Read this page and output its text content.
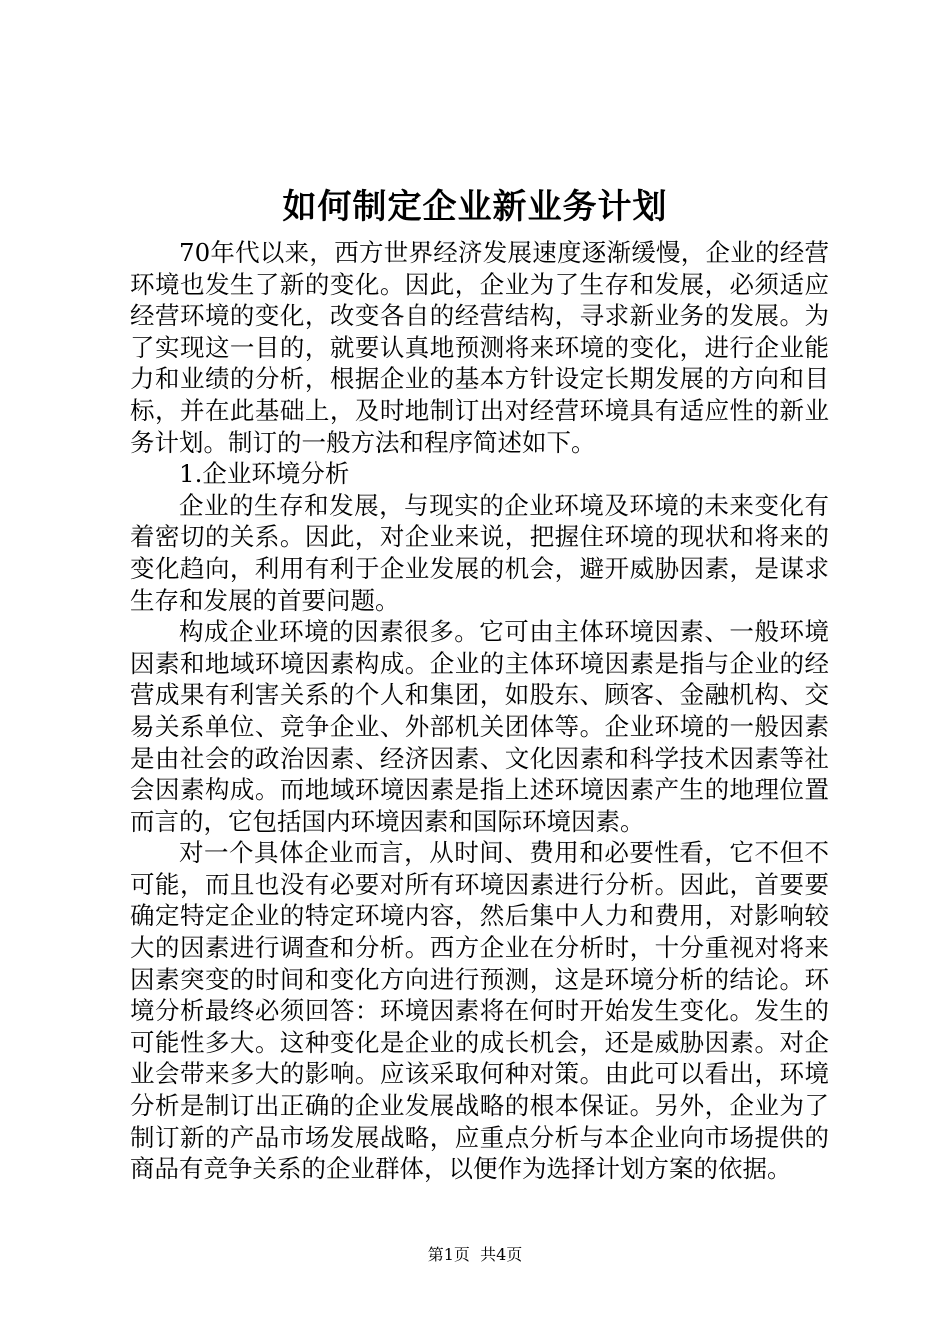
如何制定企业新业务计划

70年代以来，西方世界经济发展速度逐渐缓慢，企业的经营环境也发生了新的变化。因此，企业为了生存和发展，必须适应经营环境的变化，改变各自的经营结构，寻求新业务的发展。为了实现这一目的，就要认真地预测将来环境的变化，进行企业能力和业绩的分析，根据企业的基本方针设定长期发展的方向和目标，并在此基础上，及时地制订出对经营环境具有适应性的新业务计划。制订的一般方法和程序简述如下。

1.企业环境分析

企业的生存和发展，与现实的企业环境及环境的未来变化有着密切的关系。因此，对企业来说，把握住环境的现状和将来的变化趋向，利用有利于企业发展的机会，避开威胁因素，是谋求生存和发展的首要问题。

构成企业环境的因素很多。它可由主体环境因素、一般环境因素和地域环境因素构成。企业的主体环境因素是指与企业的经营成果有利害关系的个人和集团，如股东、顾客、金融机构、交易关系单位、竞争企业、外部机关团体等。企业环境的一般因素是由社会的政治因素、经济因素、文化因素和科学技术因素等社会因素构成。而地域环境因素是指上述环境因素产生的地理位置而言的，它包括国内环境因素和国际环境因素。

对一个具体企业而言，从时间、费用和必要性看，它不但不可能，而且也没有必要对所有环境因素进行分析。因此，首要要确定特定企业的特定环境内容，然后集中人力和费用，对影响较大的因素进行调查和分析。西方企业在分析时，十分重视对将来因素突变的时间和变化方向进行预测，这是环境分析的结论。环境分析最终必须回答：环境因素将在何时开始发生变化。发生的可能性多大。这种变化是企业的成长机会，还是威胁因素。对企业会带来多大的影响。应该采取何种对策。由此可以看出，环境分析是制订出正确的企业发展战略的根本保证。另外，企业为了制订新的产品市场发展战略，应重点分析与本企业向市场提供的商品有竞争关系的企业群体，以便作为选择计划方案的依据。

第1页 共4页
